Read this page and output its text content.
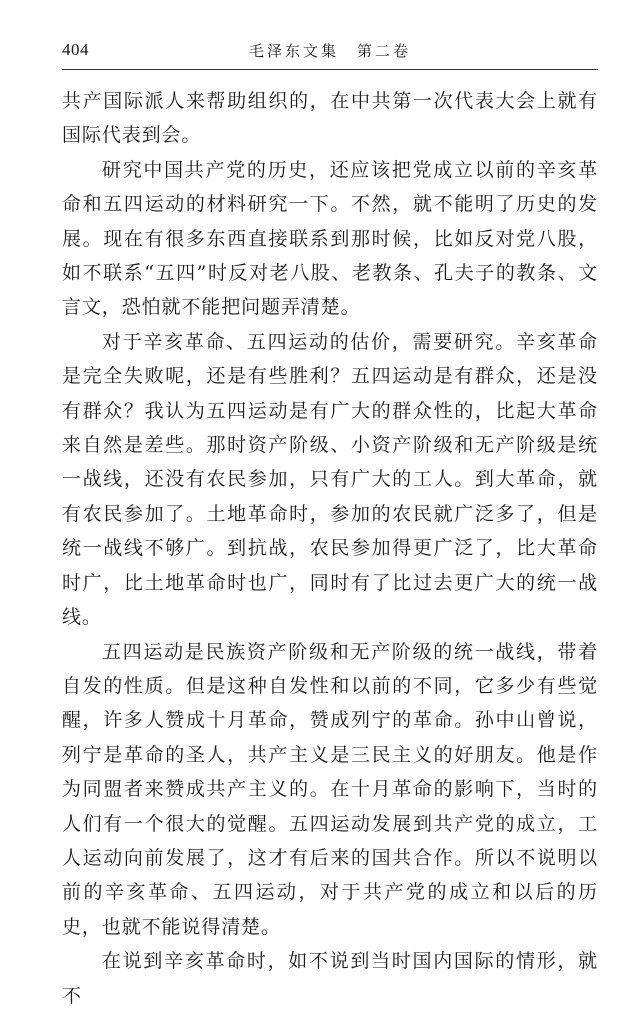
404	毛泽东文集　第二卷

共产国际派人来帮助组织的，在中共第一次代表大会上就有国际代表到会。

研究中国共产党的历史，还应该把党成立以前的辛亥革命和五四运动的材料研究一下。不然，就不能明了历史的发展。现在有很多东西直接联系到那时候，比如反对党八股，如不联系“五四”时反对老八股、老教条、孔夫子的教条、文言文，恐怕就不能把问题弄清楚。

对于辛亥革命、五四运动的估价，需要研究。辛亥革命是完全失败呢，还是有些胜利？五四运动是有群众，还是没有群众？我认为五四运动是有广大的群众性的，比起大革命来自然是差些。那时资产阶级、小资产阶级和无产阶级是统一战线，还没有农民参加，只有广大的工人。到大革命，就有农民参加了。土地革命时，参加的农民就广泛多了，但是统一战线不够广。到抗战，农民参加得更广泛了，比大革命时广，比土地革命时也广，同时有了比过去更广大的统一战线。

五四运动是民族资产阶级和无产阶级的统一战线，带着自发的性质。但是这种自发性和以前的不同，它多少有些觉醒，许多人赞成十月革命，赞成列宁的革命。孙中山曾说，列宁是革命的圣人，共产主义是三民主义的好朋友。他是作为同盟者来赞成共产主义的。在十月革命的影响下，当时的人们有一个很大的觉醒。五四运动发展到共产党的成立，工人运动向前发展了，这才有后来的国共合作。所以不说明以前的辛亥革命、五四运动，对于共产党的成立和以后的历史，也就不能说得清楚。

在说到辛亥革命时，如不说到当时国内国际的情形，就不
